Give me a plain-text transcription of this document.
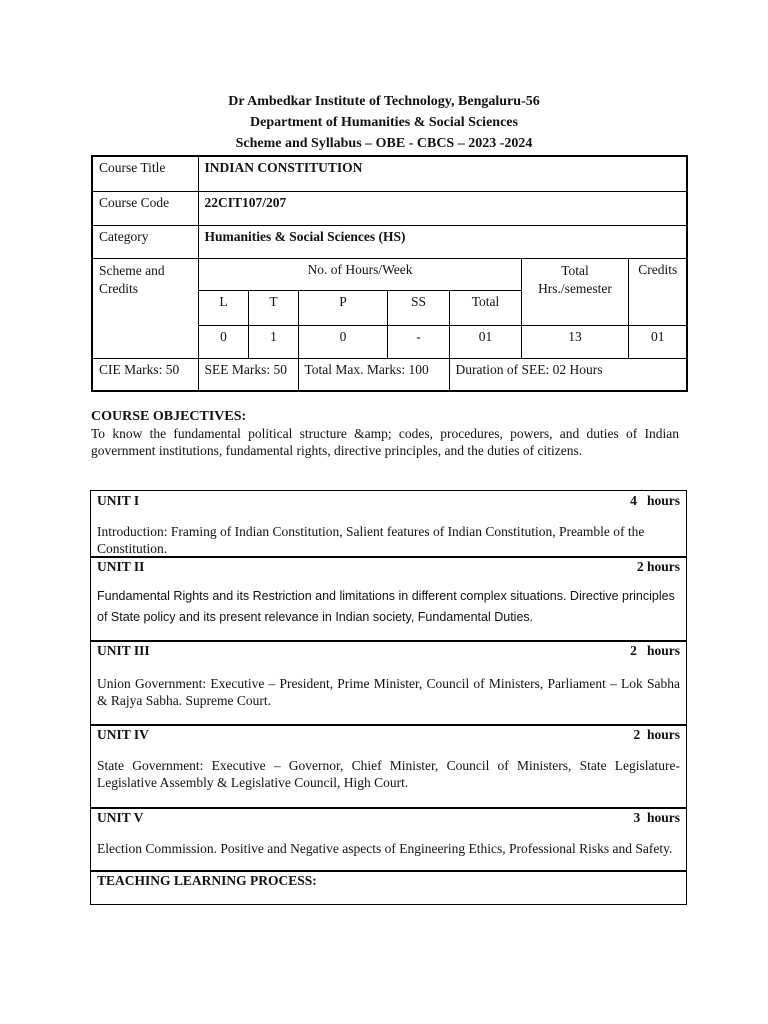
Dr Ambedkar Institute of Technology, Bengaluru-56
Department of Humanities & Social Sciences
Scheme and Syllabus – OBE - CBCS – 2023 -2024
Course Title	INDIAN CONSTITUTION						
Course Code	22CIT107/207						
Category	Humanities & Social Sciences (HS)						
Scheme and Credits	No. of Hours/Week					Total Hrs./semester	Credits
	L	T	P	SS	Total		
	0	1	0	-	01	13	01
CIE Marks: 50	SEE Marks: 50		Total Max. Marks: 100		Duration of SEE: 02 Hours		
COURSE OBJECTIVES:
To know the fundamental political structure &amp; codes, procedures, powers, and duties of Indian government institutions, fundamental rights, directive principles, and the duties of citizens.
UNIT I	4   hours
Introduction: Framing of Indian Constitution, Salient features of Indian Constitution, Preamble of the Constitution.
UNIT II	2 hours
Fundamental Rights and its Restriction and limitations in different complex situations. Directive principles of State policy and its present relevance in Indian society, Fundamental Duties.
UNIT III	2   hours
Union Government: Executive – President, Prime Minister, Council of Ministers, Parliament – Lok Sabha & Rajya Sabha. Supreme Court.
UNIT IV	2  hours
State Government: Executive – Governor, Chief Minister, Council of Ministers, State Legislature- Legislative Assembly & Legislative Council, High Court.
UNIT V	3  hours
Election Commission. Positive and Negative aspects of Engineering Ethics, Professional Risks and Safety.
TEACHING LEARNING PROCESS:
